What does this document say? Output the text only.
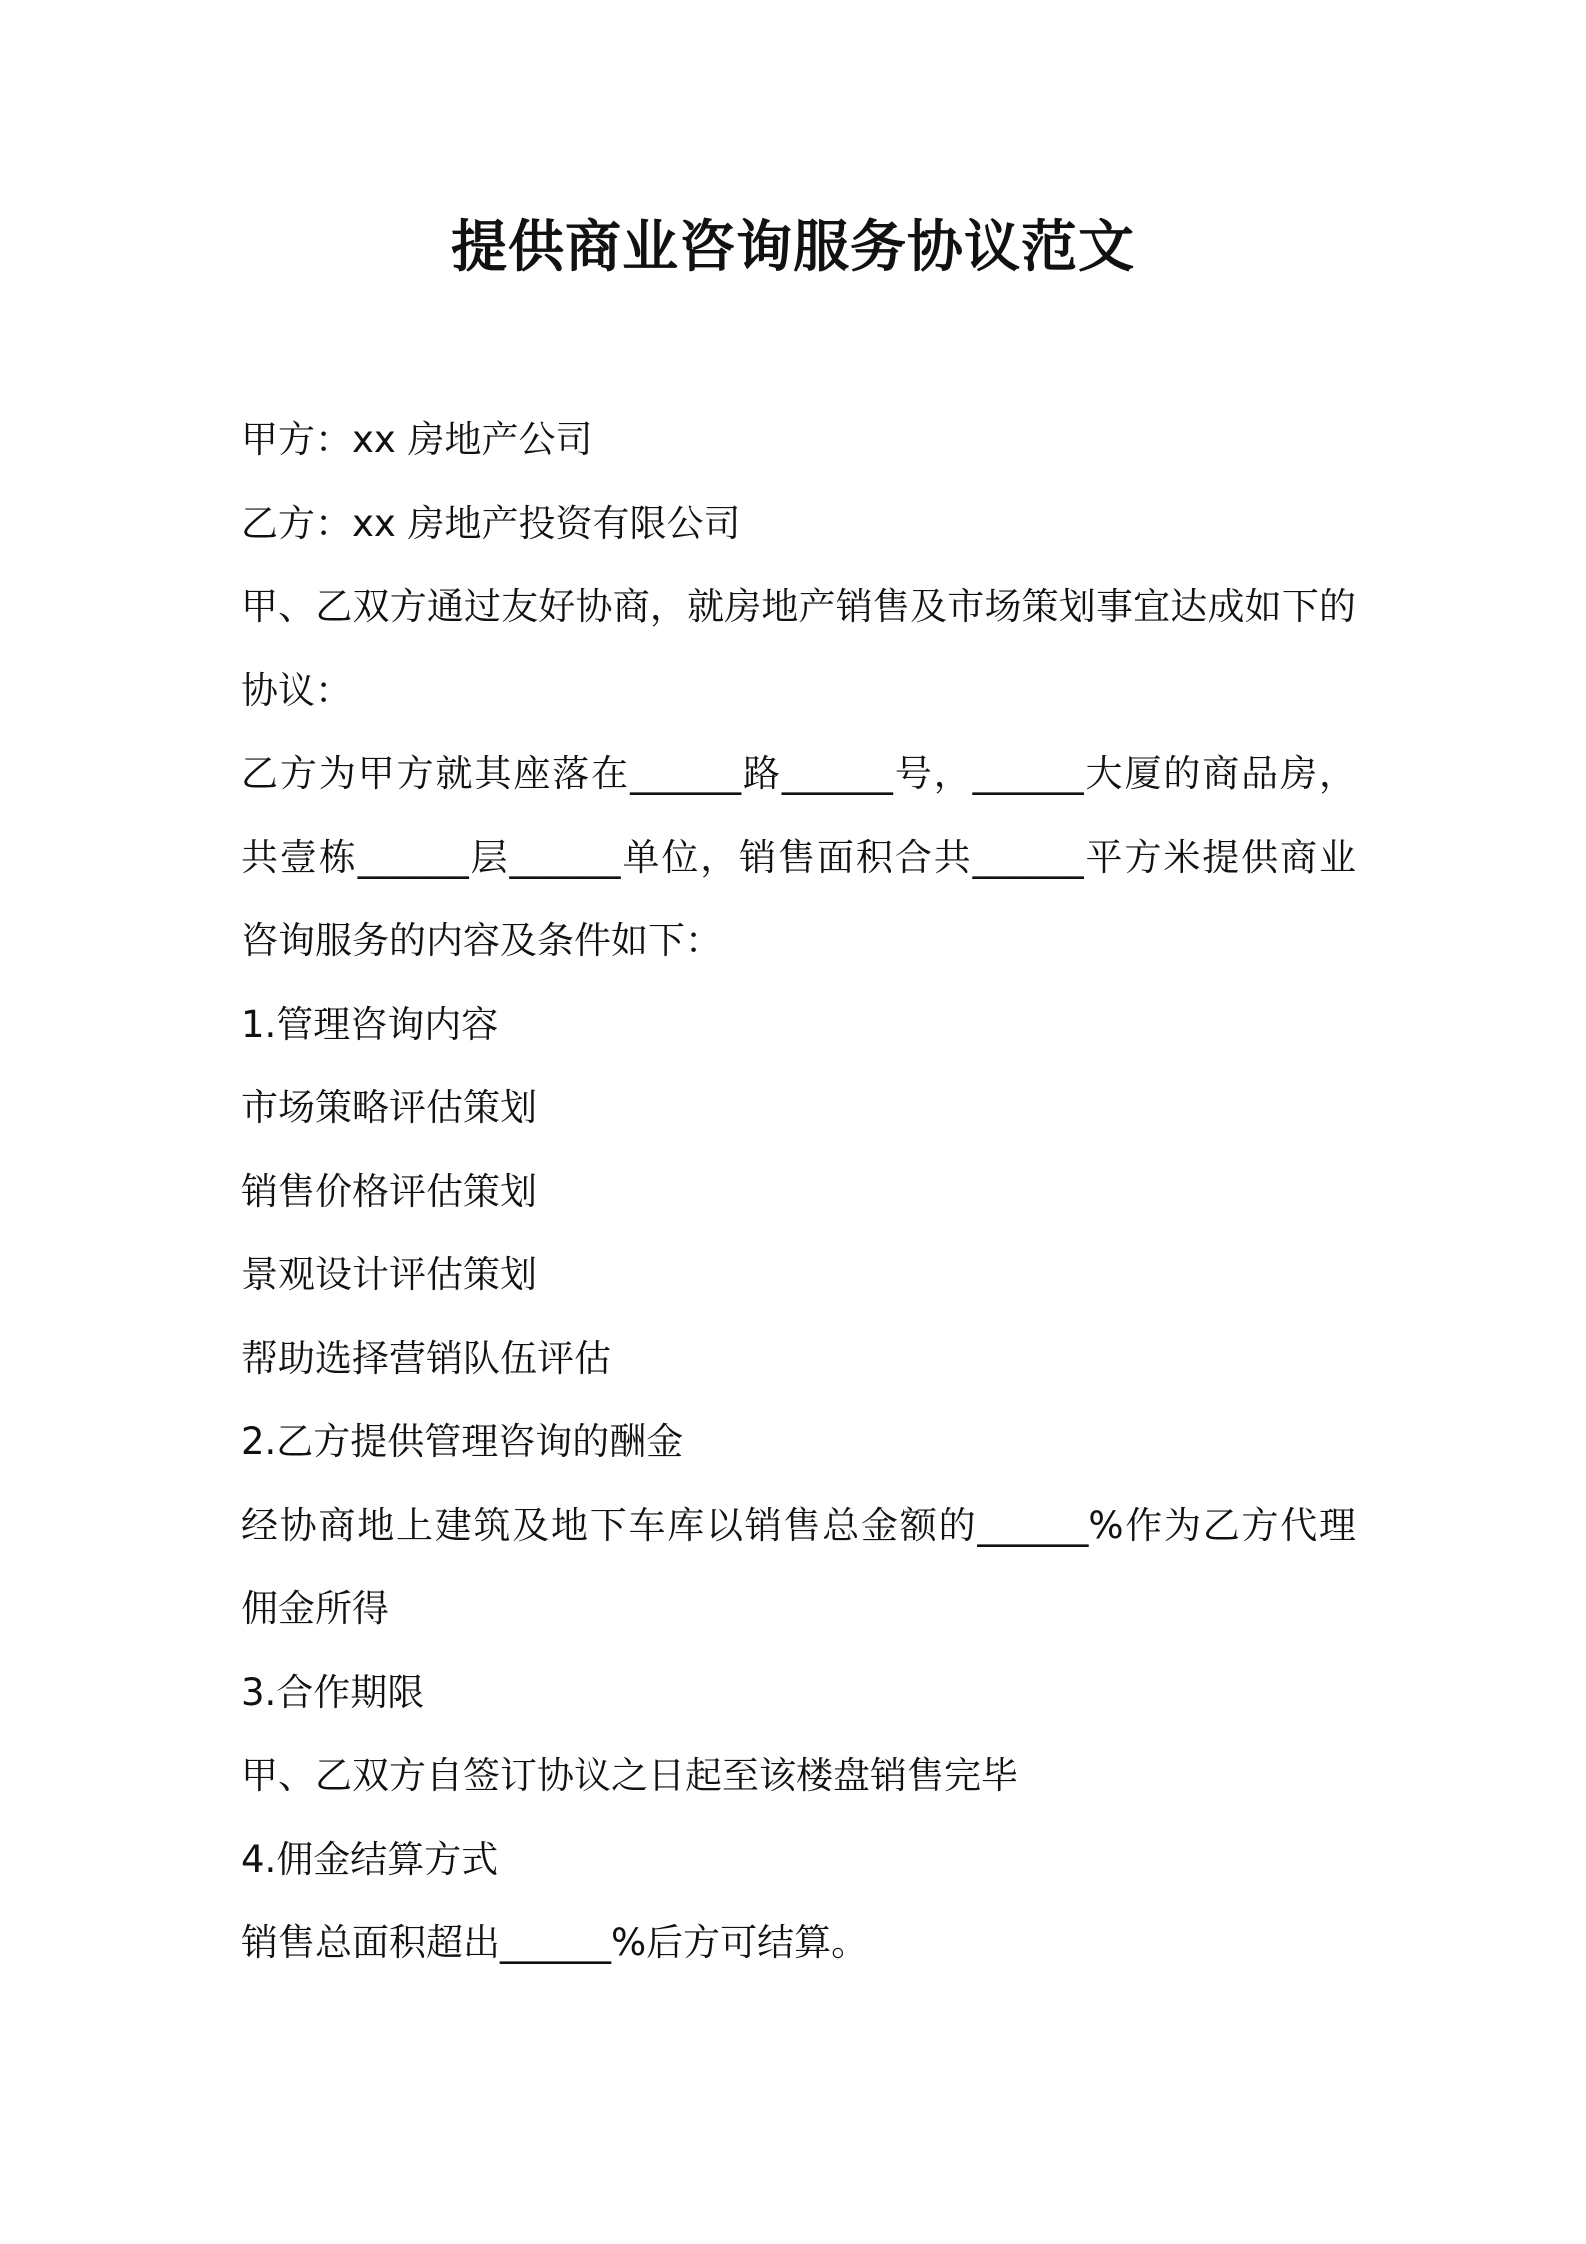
提供商业咨询服务协议范文

甲方：xx 房地产公司

乙方：xx 房地产投资有限公司

甲、乙双方通过友好协商，就房地产销售及市场策划事宜达成如下的

协议：

乙方为甲方就其座落在______路______号，______大厦的商品房，

共壹栋______层______单位，销售面积合共______平方米提供商业

咨询服务的内容及条件如下：

1.管理咨询内容

市场策略评估策划

销售价格评估策划

景观设计评估策划

帮助选择营销队伍评估

2.乙方提供管理咨询的酬金

经协商地上建筑及地下车库以销售总金额的______%作为乙方代理

佣金所得

3.合作期限

甲、乙双方自签订协议之日起至该楼盘销售完毕

4.佣金结算方式

销售总面积超出______%后方可结算。
